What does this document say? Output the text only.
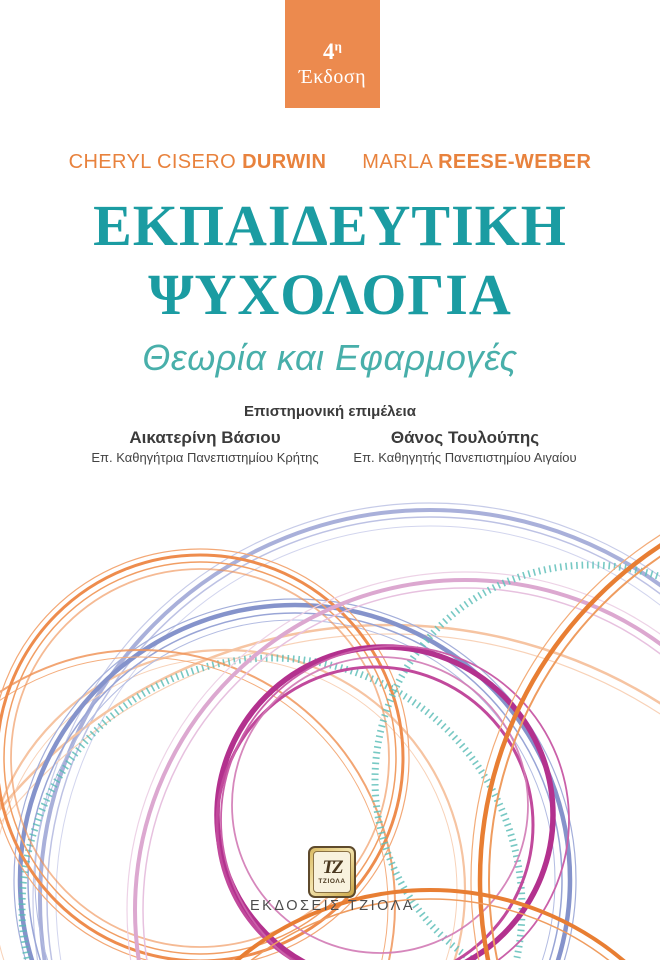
$4^\eta$
Έκδοση
CHERYL CISERO DURWIN MARLA REESE-WEBER
ΕΚΠΑΙΔΕΥΤΙΚΗ
ΨΥΧΟΛΟΓΙΑ
Θεωρία και Εφαρμογές
Επιστημονική επιμέλεια
Αικατερίνη Βάσιου
Επ. Καθηγήτρια Πανεπιστημίου Κρήτης
Θάνος Τουλούπης
Επ. Καθηγητής Πανεπιστημίου Αιγαίου
TZ
ΤΖΙΟΛΑ
ΕΚΔΟΣΕΙΣ ΤΖΙΟΛΑ
